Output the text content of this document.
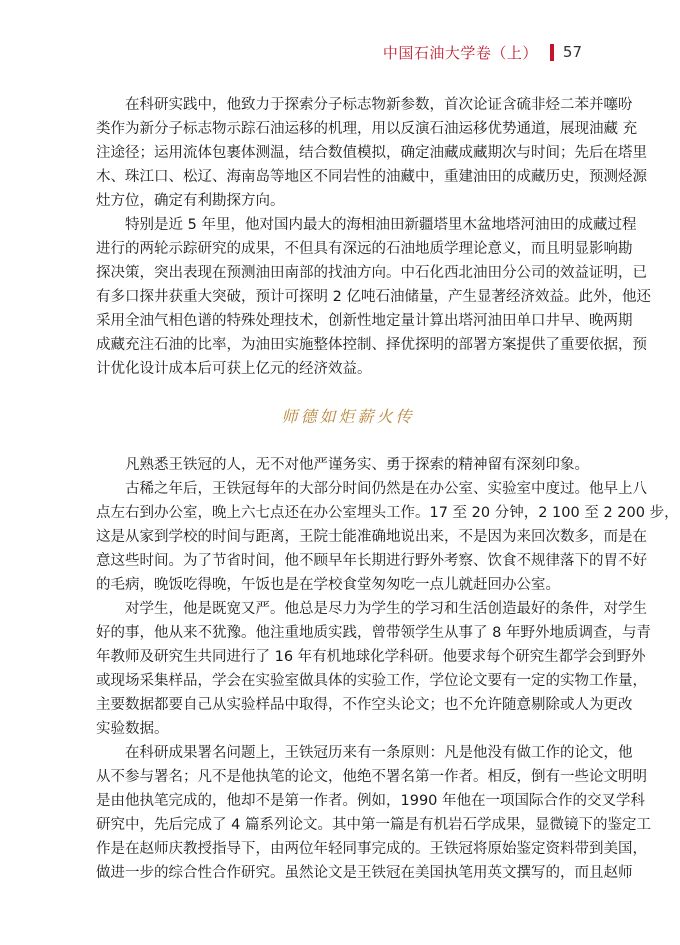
中国石油大学卷（上） 57
在科研实践中，他致力于探索分子标志物新参数，首次论证含硫非烃二苯并噻吩
类作为新分子标志物示踪石油运移的机理，用以反演石油运移优势通道，展现油藏 充
注途径；运用流体包裹体测温，结合数值模拟，确定油藏成藏期次与时间；先后在塔里
木、珠江口、松辽、海南岛等地区不同岩性的油藏中，重建油田的成藏历史，预测烃源
灶方位，确定有利勘探方向。
特别是近 5 年里，他对国内最大的海相油田新疆塔里木盆地塔河油田的成藏过程
进行的两轮示踪研究的成果，不但具有深远的石油地质学理论意义，而且明显影响勘
探决策，突出表现在预测油田南部的找油方向。中石化西北油田分公司的效益证明，已
有多口探井获重大突破，预计可探明 2 亿吨石油储量，产生显著经济效益。此外，他还
采用全油气相色谱的特殊处理技术，创新性地定量计算出塔河油田单口井早、晚两期
成藏充注石油的比率，为油田实施整体控制、择优探明的部署方案提供了重要依据，预
计优化设计成本后可获上亿元的经济效益。
师德如炬薪火传
凡熟悉王铁冠的人，无不对他严谨务实、勇于探索的精神留有深刻印象。
古稀之年后，王铁冠每年的大部分时间仍然是在办公室、实验室中度过。他早上八
点左右到办公室，晚上六七点还在办公室埋头工作。17 至 20 分钟，2 100 至 2 200 步，
这是从家到学校的时间与距离，王院士能准确地说出来，不是因为来回次数多，而是在
意这些时间。为了节省时间，他不顾早年长期进行野外考察、饮食不规律落下的胃不好
的毛病，晚饭吃得晚，午饭也是在学校食堂匆匆吃一点儿就赶回办公室。
对学生，他是既宽又严。他总是尽力为学生的学习和生活创造最好的条件，对学生
好的事，他从来不犹豫。他注重地质实践，曾带领学生从事了 8 年野外地质调查，与青
年教师及研究生共同进行了 16 年有机地球化学科研。他要求每个研究生都学会到野外
或现场采集样品，学会在实验室做具体的实验工作，学位论文要有一定的实物工作量，
主要数据都要自己从实验样品中取得，不作空头论文；也不允许随意剔除或人为更改
实验数据。
在科研成果署名问题上，王铁冠历来有一条原则：凡是他没有做工作的论文，他
从不参与署名；凡不是他执笔的论文，他绝不署名第一作者。相反，倒有一些论文明明
是由他执笔完成的，他却不是第一作者。例如，1990 年他在一项国际合作的交叉学科
研究中，先后完成了 4 篇系列论文。其中第一篇是有机岩石学成果，显微镜下的鉴定工
作是在赵师庆教授指导下，由两位年轻同事完成的。王铁冠将原始鉴定资料带到美国，
做进一步的综合性合作研究。虽然论文是王铁冠在美国执笔用英文撰写的，而且赵师
